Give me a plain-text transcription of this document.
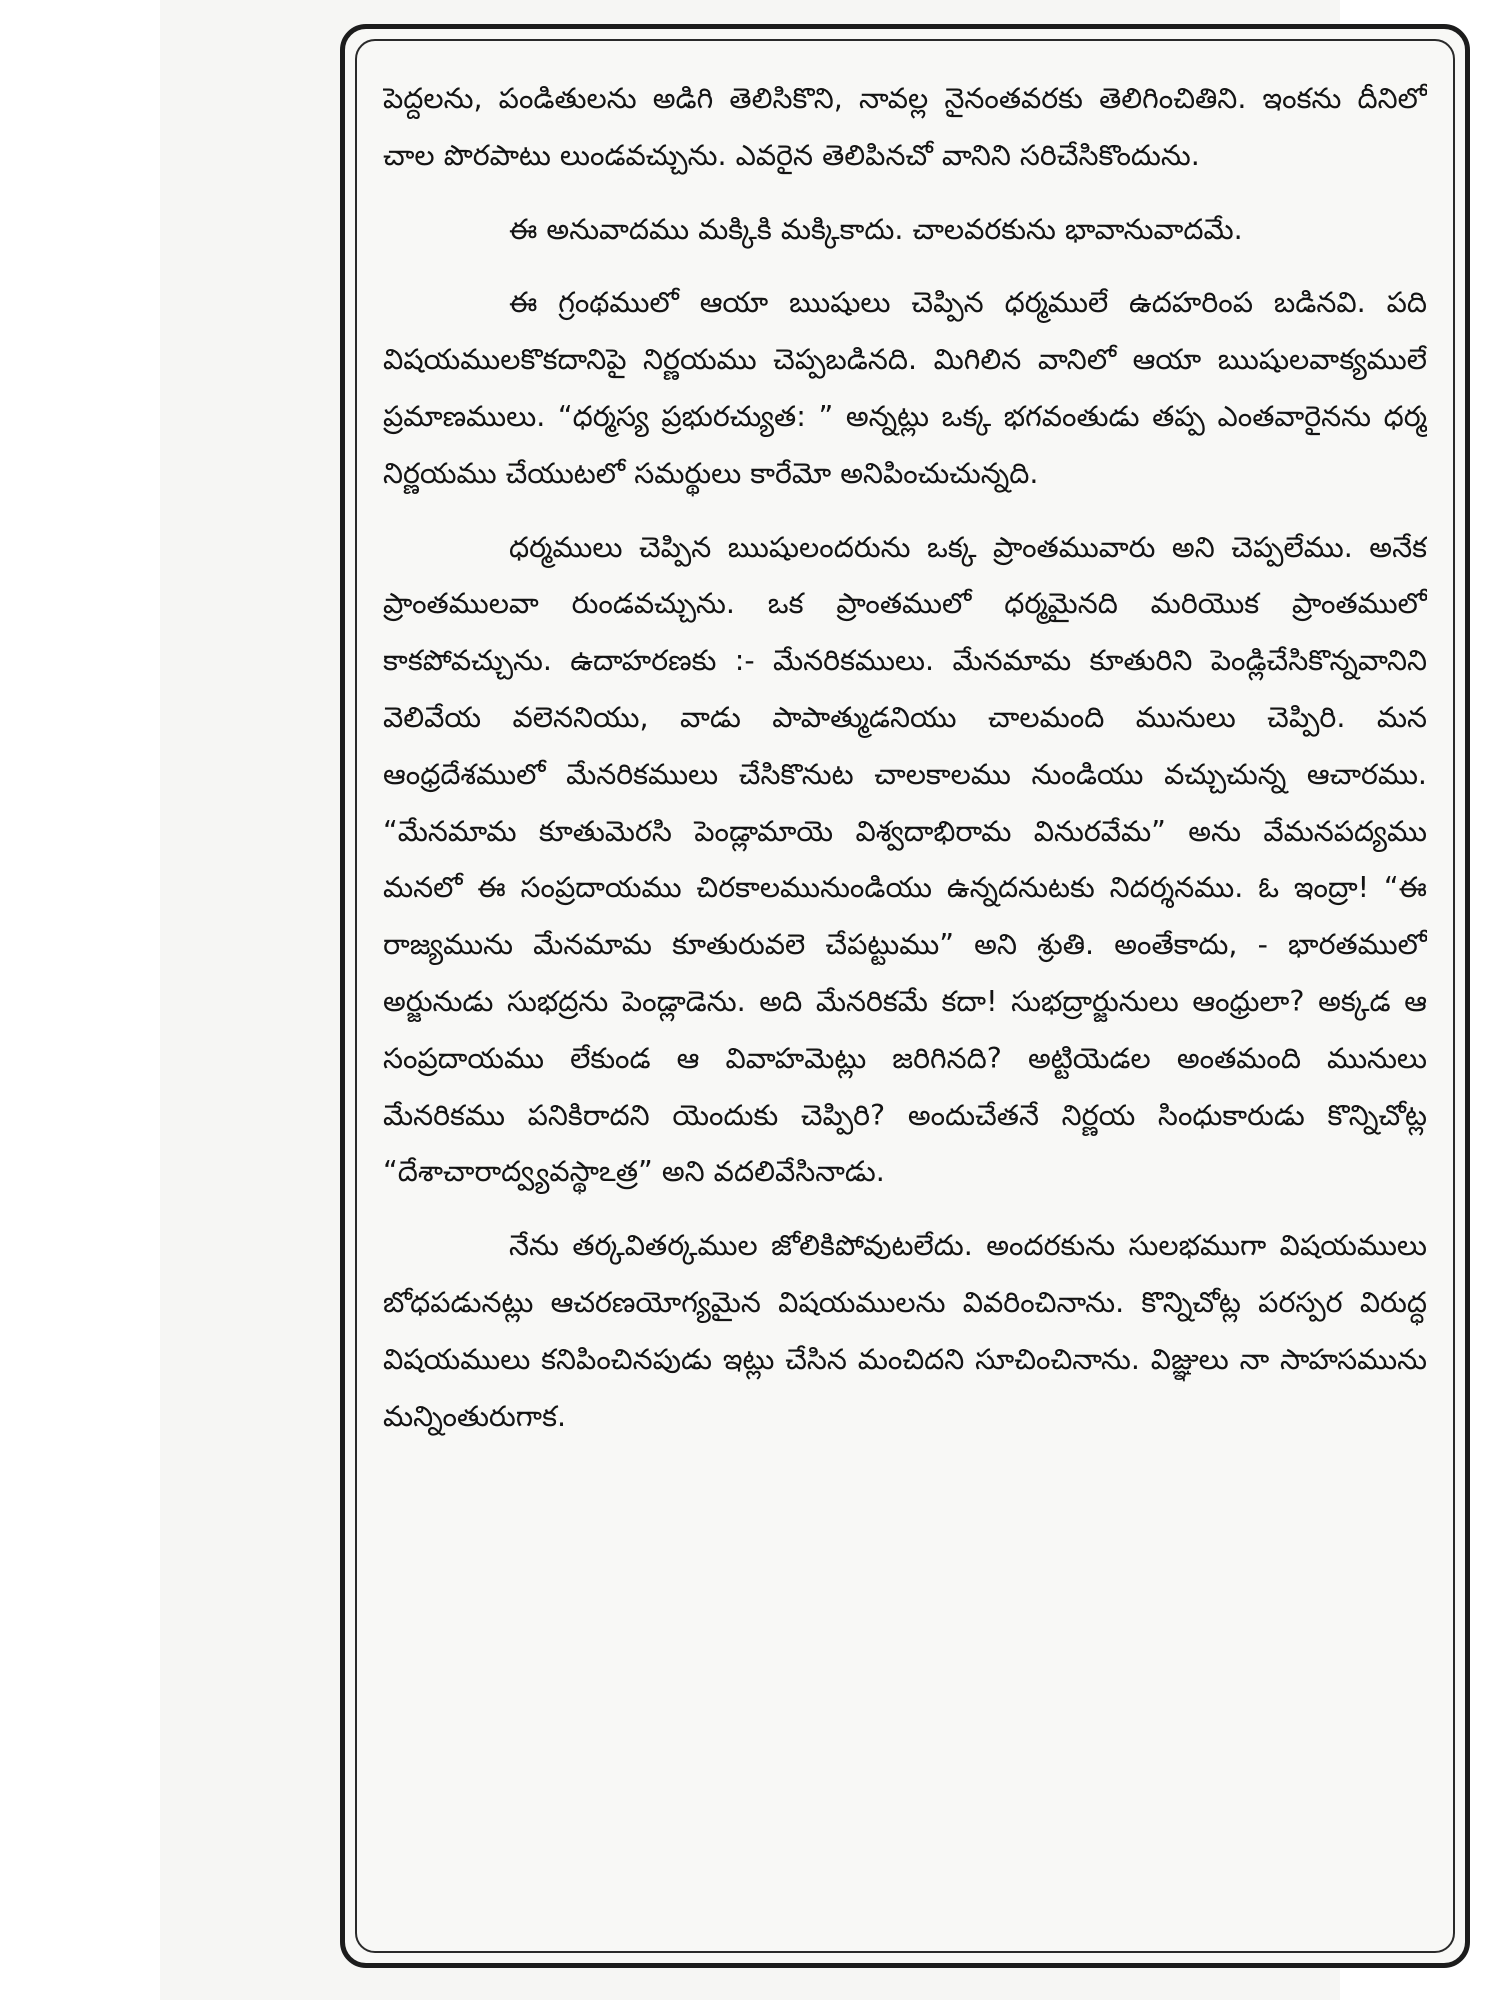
పెద్దలను, పండితులను అడిగి తెలిసికొని, నావల్ల నైనంతవరకు తెలిగించితిని. ఇంకను దీనిలో చాల పొరపాటు లుండవచ్చును. ఎవరైన తెలిపినచో వానిని సరిచేసికొందును.

ఈ అనువాదము మక్కికి మక్కికాదు. చాలవరకును భావానువాదమే.

ఈ గ్రంథములో ఆయా ఋషులు చెప్పిన ధర్మములే ఉదహరింప బడినవి. పది విషయములకొకదానిపై నిర్ణయము చెప్పబడినది. మిగిలిన వానిలో ఆయా ఋషులవాక్యములే ప్రమాణములు. “ధర్మస్య ప్రభురచ్యుత: ” అన్నట్లు ఒక్క భగవంతుడు తప్ప ఎంతవారైనను ధర్మ నిర్ణయము చేయుటలో సమర్థులు కారేమో అనిపించుచున్నది.

ధర్మములు చెప్పిన ఋషులందరును ఒక్క ప్రాంతమువారు అని చెప్పలేము. అనేక ప్రాంతములవా రుండవచ్చును. ఒక ప్రాంతములో ధర్మమైనది మరియొక ప్రాంతములో కాకపోవచ్చును. ఉదాహరణకు :- మేనరికములు. మేనమామ కూతురిని పెండ్లిచేసికొన్నవానిని వెలివేయ వలెననియు, వాడు పాపాత్ముడనియు చాలమంది మునులు చెప్పిరి. మన ఆంధ్రదేశములో మేనరికములు చేసికొనుట చాలకాలము నుండియు వచ్చుచున్న ఆచారము. “మేనమామ కూతుమెరసి పెండ్లామాయె విశ్వదాభిరామ వినురవేమ” అను వేమనపద్యము మనలో ఈ సంప్రదాయము చిరకాలమునుండియు ఉన్నదనుటకు నిదర్శనము. ఓ ఇంద్రా! “ఈ రాజ్యమును మేనమామ కూతురువలె చేపట్టుము” అని శ్రుతి. అంతేకాదు, - భారతములో అర్జునుడు సుభద్రను పెండ్లాడెను. అది మేనరికమే కదా! సుభద్రార్జునులు ఆంధ్రులా? అక్కడ ఆ సంప్రదాయము లేకుండ ఆ వివాహమెట్లు జరిగినది? అట్టియెడల అంతమంది మునులు మేనరికము పనికిరాదని యెందుకు చెప్పిరి? అందుచేతనే నిర్ణయ సింధుకారుడు కొన్నిచోట్ల “దేశాచారాద్వ్యవస్థాఽత్ర” అని వదలివేసినాడు.

నేను తర్కవితర్కముల జోలికిపోవుటలేదు. అందరకును సులభముగా విషయములు బోధపడునట్లు ఆచరణయోగ్యమైన విషయములను వివరించినాను. కొన్నిచోట్ల పరస్పర విరుద్ధ విషయములు కనిపించినపుడు ఇట్లు చేసిన మంచిదని సూచించినాను. విజ్ఞులు నా సాహసమును మన్నింతురుగాక.
